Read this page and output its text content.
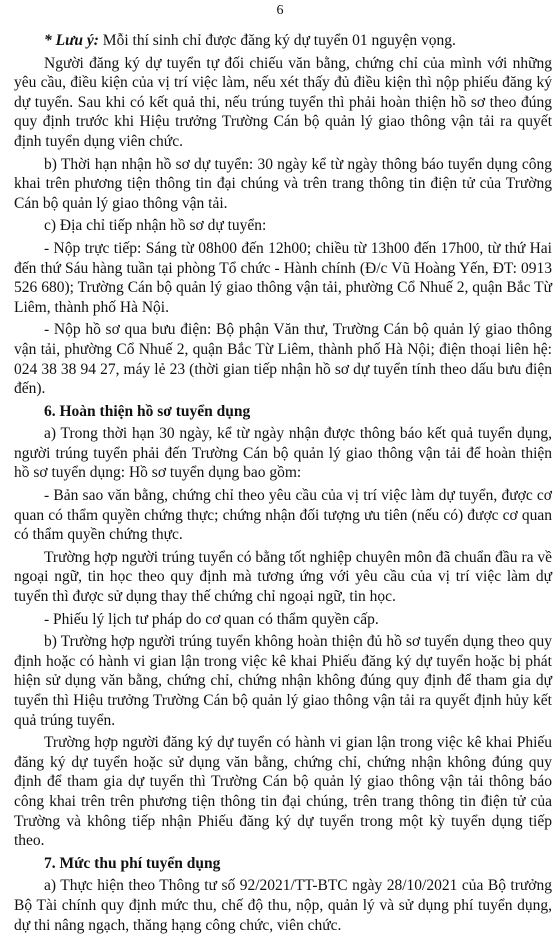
6

* Lưu ý: Mỗi thí sinh chỉ được đăng ký dự tuyển 01 nguyện vọng.

Người đăng ký dự tuyển tự đối chiếu văn bằng, chứng chỉ của mình với những yêu cầu, điều kiện của vị trí việc làm, nếu xét thấy đủ điều kiện thì nộp phiếu đăng ký dự tuyển. Sau khi có kết quả thi, nếu trúng tuyển thì phải hoàn thiện hồ sơ theo đúng quy định trước khi Hiệu trưởng Trường Cán bộ quản lý giao thông vận tải ra quyết định tuyển dụng viên chức.

b) Thời hạn nhận hồ sơ dự tuyển: 30 ngày kể từ ngày thông báo tuyển dụng công khai trên phương tiện thông tin đại chúng và trên trang thông tin điện tử của Trường Cán bộ quản lý giao thông vận tải.

c) Địa chỉ tiếp nhận hồ sơ dự tuyển:

- Nộp trực tiếp: Sáng từ 08h00 đến 12h00; chiều từ 13h00 đến 17h00, từ thứ Hai đến thứ Sáu hàng tuần tại phòng Tổ chức - Hành chính (Đ/c Vũ Hoàng Yến, ĐT: 0913 526 680); Trường Cán bộ quản lý giao thông vận tải, phường Cổ Nhuế 2, quận Bắc Từ Liêm, thành phố Hà Nội.

- Nộp hồ sơ qua bưu điện: Bộ phận Văn thư, Trường Cán bộ quản lý giao thông vận tải, phường Cổ Nhuế 2, quận Bắc Từ Liêm, thành phố Hà Nội; điện thoại liên hệ: 024 38 38 94 27, máy lẻ 23 (thời gian tiếp nhận hồ sơ dự tuyển tính theo dấu bưu điện đến).

6. Hoàn thiện hồ sơ tuyển dụng

a) Trong thời hạn 30 ngày, kể từ ngày nhận được thông báo kết quả tuyển dụng, người trúng tuyển phải đến Trường Cán bộ quản lý giao thông vận tải để hoàn thiện hồ sơ tuyển dụng: Hồ sơ tuyển dụng bao gồm:

- Bản sao văn bằng, chứng chỉ theo yêu cầu của vị trí việc làm dự tuyển, được cơ quan có thẩm quyền chứng thực; chứng nhận đối tượng ưu tiên (nếu có) được cơ quan có thẩm quyền chứng thực.

Trường hợp người trúng tuyển có bằng tốt nghiệp chuyên môn đã chuẩn đầu ra về ngoại ngữ, tin học theo quy định mà tương ứng với yêu cầu của vị trí việc làm dự tuyển thì được sử dụng thay thế chứng chỉ ngoại ngữ, tin học.

- Phiếu lý lịch tư pháp do cơ quan có thẩm quyền cấp.

b) Trường hợp người trúng tuyển không hoàn thiện đủ hồ sơ tuyển dụng theo quy định hoặc có hành vi gian lận trong việc kê khai Phiếu đăng ký dự tuyển hoặc bị phát hiện sử dụng văn bằng, chứng chỉ, chứng nhận không đúng quy định để tham gia dự tuyển thì Hiệu trưởng Trường Cán bộ quản lý giao thông vận tải ra quyết định hủy kết quả trúng tuyển.

Trường hợp người đăng ký dự tuyển có hành vi gian lận trong việc kê khai Phiếu đăng ký dự tuyển hoặc sử dụng văn bằng, chứng chỉ, chứng nhận không đúng quy định để tham gia dự tuyển thì Trường Cán bộ quản lý giao thông vận tải thông báo công khai trên trên phương tiện thông tin đại chúng, trên trang thông tin điện tử của Trường và không tiếp nhận Phiếu đăng ký dự tuyển trong một kỳ tuyển dụng tiếp theo.

7. Mức thu phí tuyển dụng

a) Thực hiện theo Thông tư số 92/2021/TT-BTC ngày 28/10/2021 của Bộ trưởng Bộ Tài chính quy định mức thu, chế độ thu, nộp, quản lý và sử dụng phí tuyển dụng, dự thi nâng ngạch, thăng hạng công chức, viên chức.
